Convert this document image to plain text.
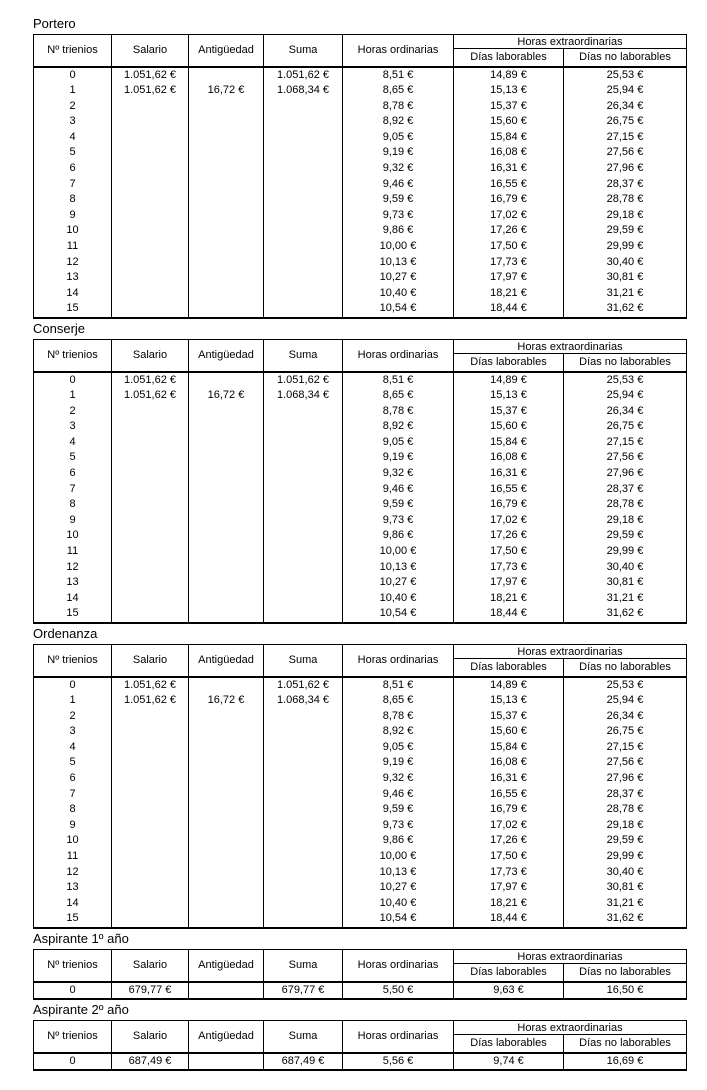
Portero
Nº trienios	Salario	Antigüedad	Suma	Horas ordinarias	Horas extraordinarias	
					Días laborables	Días no laborables
0	1.051,62 €		1.051,62 €	8,51 €	14,89 €	25,53 €
1	1.051,62 €	16,72 €	1.068,34 €	8,65 €	15,13 €	25,94 €
2				8,78 €	15,37 €	26,34 €
3				8,92 €	15,60 €	26,75 €
4				9,05 €	15,84 €	27,15 €
5				9,19 €	16,08 €	27,56 €
6				9,32 €	16,31 €	27,96 €
7				9,46 €	16,55 €	28,37 €
8				9,59 €	16,79 €	28,78 €
9				9,73 €	17,02 €	29,18 €
10				9,86 €	17,26 €	29,59 €
11				10,00 €	17,50 €	29,99 €
12				10,13 €	17,73 €	30,40 €
13				10,27 €	17,97 €	30,81 €
14				10,40 €	18,21 €	31,21 €
15				10,54 €	18,44 €	31,62 €
Conserje
Nº trienios	Salario	Antigüedad	Suma	Horas ordinarias	Horas extraordinarias	
					Días laborables	Días no laborables
0	1.051,62 €		1.051,62 €	8,51 €	14,89 €	25,53 €
1	1.051,62 €	16,72 €	1.068,34 €	8,65 €	15,13 €	25,94 €
2				8,78 €	15,37 €	26,34 €
3				8,92 €	15,60 €	26,75 €
4				9,05 €	15,84 €	27,15 €
5				9,19 €	16,08 €	27,56 €
6				9,32 €	16,31 €	27,96 €
7				9,46 €	16,55 €	28,37 €
8				9,59 €	16,79 €	28,78 €
9				9,73 €	17,02 €	29,18 €
10				9,86 €	17,26 €	29,59 €
11				10,00 €	17,50 €	29,99 €
12				10,13 €	17,73 €	30,40 €
13				10,27 €	17,97 €	30,81 €
14				10,40 €	18,21 €	31,21 €
15				10,54 €	18,44 €	31,62 €
Ordenanza
Nº trienios	Salario	Antigüedad	Suma	Horas ordinarias	Horas extraordinarias	
					Días laborables	Días no laborables
0	1.051,62 €		1.051,62 €	8,51 €	14,89 €	25,53 €
1	1.051,62 €	16,72 €	1.068,34 €	8,65 €	15,13 €	25,94 €
2				8,78 €	15,37 €	26,34 €
3				8,92 €	15,60 €	26,75 €
4				9,05 €	15,84 €	27,15 €
5				9,19 €	16,08 €	27,56 €
6				9,32 €	16,31 €	27,96 €
7				9,46 €	16,55 €	28,37 €
8				9,59 €	16,79 €	28,78 €
9				9,73 €	17,02 €	29,18 €
10				9,86 €	17,26 €	29,59 €
11				10,00 €	17,50 €	29,99 €
12				10,13 €	17,73 €	30,40 €
13				10,27 €	17,97 €	30,81 €
14				10,40 €	18,21 €	31,21 €
15				10,54 €	18,44 €	31,62 €
Aspirante 1º año
Nº trienios	Salario	Antigüedad	Suma	Horas ordinarias	Horas extraordinarias	
					Días laborables	Días no laborables
0	679,77 €		679,77 €	5,50 €	9,63 €	16,50 €
Aspirante 2º año
Nº trienios	Salario	Antigüedad	Suma	Horas ordinarias	Horas extraordinarias	
					Días laborables	Días no laborables
0	687,49 €		687,49 €	5,56 €	9,74 €	16,69 €
